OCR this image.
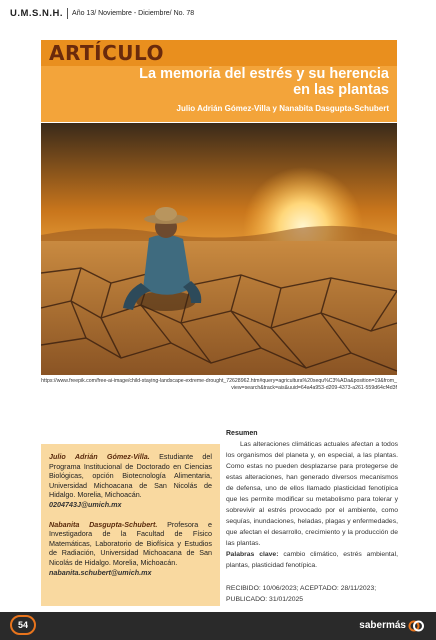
U.M.S.N.H. Año 13/ Noviembre - Diciembre/ No. 78
ARTÍCULO
La memoria del estrés y su herencia
en las plantas
Julio Adrián Gómez-Villa y Nanabita Dasgupta-Schubert
https://www.freepik.com/free-ai-image/child-staying-landscape-extreme-drought_72628962.htm#query=agricultura%20sequ%C3%ADa&position=19&from_view=search&track=ais&uuid=64a4a953-d209-4373-a261-559d64cf4d3f

Julio Adrián Gómez-Villa. Estudiante del Programa Institucional de Doctorado en Ciencias Biológicas, opción Biotecnología Alimentaria, Universidad Michoacana de San Nicolás de Hidalgo. Morelia, Michoacán.
0204743J@umich.mx

Nabanita Dasgupta-Schubert. Profesora e Investigadora de la Facultad de Físico Matemáticas, Laboratorio de Biofísica y Estudios de Radiación, Universidad Michoacana de San Nicolás de Hidalgo. Morelia, Michoacán.
nabanita.schubert@umich.mx

Resumen

Las alteraciones climáticas actuales afectan a todos los organismos del planeta y, en especial, a las plantas. Como estas no pueden desplazarse para protegerse de estas alteraciones, han generado diversos mecanismos de defensa, uno de ellos llamado plasticidad fenotípica que les permite modificar su metabolismo para tolerar y sobrevivir al estrés provocado por el ambiente, como sequías, inundaciones, heladas, plagas y enfermedades, que afectan el desarrollo, crecimiento y la producción de las plantas.

Palabras clave: cambio climático, estrés ambiental, plantas, plasticidad fenotípica.

RECIBIDO: 10/06/2023; ACEPTADO: 28/11/2023; PUBLICADO: 31/01/2025
54	sabermás
